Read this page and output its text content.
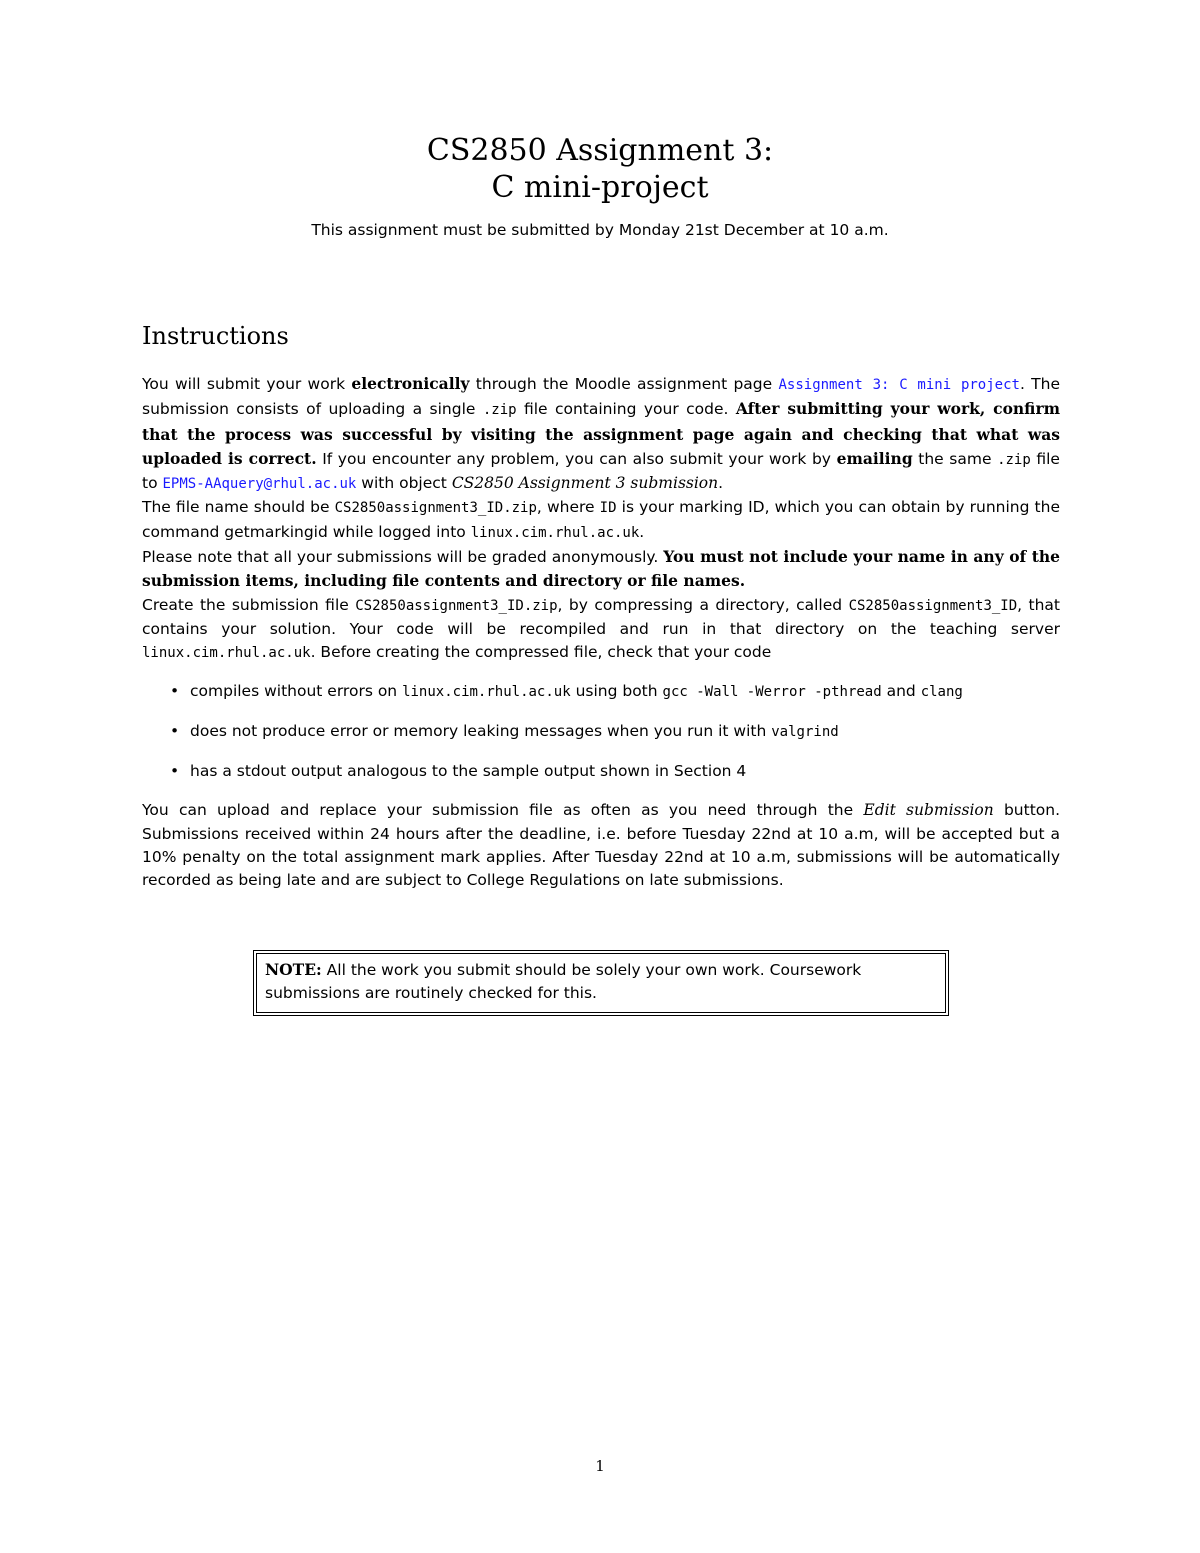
CS2850 Assignment 3:
C mini-project
This assignment must be submitted by Monday 21st December at 10 a.m.
Instructions

You will submit your work electronically through the Moodle assignment page Assignment 3: C mini project. The submission consists of uploading a single .zip file containing your code. After submitting your work, confirm that the process was successful by visiting the assignment page again and checking that what was uploaded is correct. If you encounter any problem, you can also submit your work by emailing the same .zip file to EPMS-AAquery@rhul.ac.uk with object CS2850 Assignment 3 submission.

The file name should be CS2850assignment3_ID.zip, where ID is your marking ID, which you can obtain by running the command getmarkingid while logged into linux.cim.rhul.ac.uk.

Please note that all your submissions will be graded anonymously. You must not include your name in any of the submission items, including file contents and directory or file names.

Create the submission file CS2850assignment3_ID.zip, by compressing a directory, called CS2850assignment3_ID, that contains your solution. Your code will be recompiled and run in that directory on the teaching server linux.cim.rhul.ac.uk. Before creating the compressed file, check that your code

• compiles without errors on linux.cim.rhul.ac.uk using both gcc -Wall -Werror -pthread and clang
• does not produce error or memory leaking messages when you run it with valgrind
• has a stdout output analogous to the sample output shown in Section 4

You can upload and replace your submission file as often as you need through the Edit submission button. Submissions received within 24 hours after the deadline, i.e. before Tuesday 22nd at 10 a.m, will be accepted but a 10% penalty on the total assignment mark applies. After Tuesday 22nd at 10 a.m, submissions will be automatically recorded as being late and are subject to College Regulations on late submissions.

NOTE: All the work you submit should be solely your own work. Coursework submissions are routinely checked for this.
1
